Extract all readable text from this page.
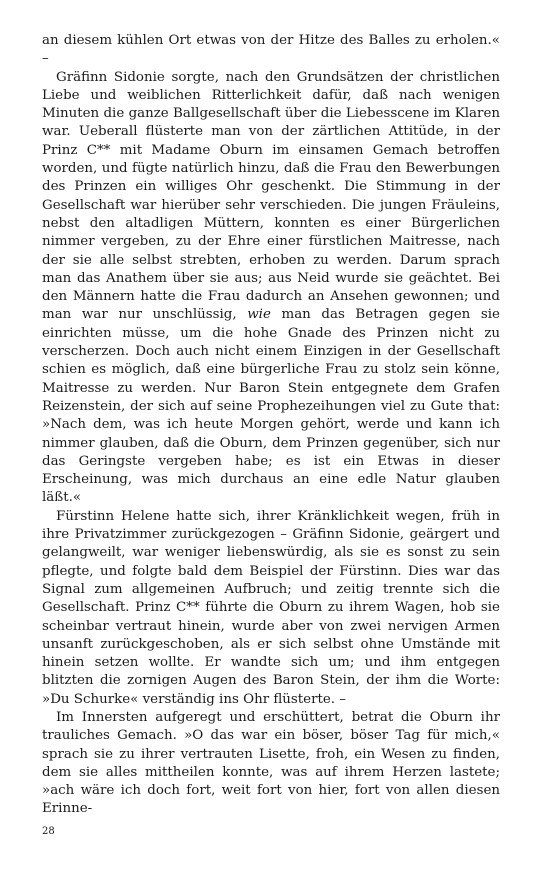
an diesem kühlen Ort etwas von der Hitze des Balles zu erholen.« –

Gräfinn Sidonie sorgte, nach den Grundsätzen der christlichen Liebe und weiblichen Ritterlichkeit dafür, daß nach wenigen Minuten die ganze Ballgesellschaft über die Liebesscene im Klaren war. Ueberall flüsterte man von der zärtlichen Attitüde, in der Prinz C** mit Madame Oburn im einsamen Gemach betroffen worden, und fügte natürlich hinzu, daß die Frau den Bewerbungen des Prinzen ein williges Ohr geschenkt. Die Stimmung in der Gesellschaft war hierüber sehr verschieden. Die jungen Fräuleins, nebst den altadligen Müttern, konnten es einer Bürgerlichen nimmer vergeben, zu der Ehre einer fürstlichen Maitresse, nach der sie alle selbst strebten, erhoben zu werden. Darum sprach man das Anathem über sie aus; aus Neid wurde sie geächtet. Bei den Männern hatte die Frau dadurch an Ansehen gewonnen; und man war nur unschlüssig, wie man das Betragen gegen sie einrichten müsse, um die hohe Gnade des Prinzen nicht zu verscherzen. Doch auch nicht einem Einzigen in der Gesellschaft schien es möglich, daß eine bürgerliche Frau zu stolz sein könne, Maitresse zu werden. Nur Baron Stein entgegnete dem Grafen Reizenstein, der sich auf seine Prophezeihungen viel zu Gute that: »Nach dem, was ich heute Morgen gehört, werde und kann ich nimmer glauben, daß die Oburn, dem Prinzen gegenüber, sich nur das Geringste vergeben habe; es ist ein Etwas in dieser Erscheinung, was mich durchaus an eine edle Natur glauben läßt.«

Fürstinn Helene hatte sich, ihrer Kränklichkeit wegen, früh in ihre Privatzimmer zurückgezogen – Gräfinn Sidonie, geärgert und gelangweilt, war weniger liebenswürdig, als sie es sonst zu sein pflegte, und folgte bald dem Beispiel der Fürstinn. Dies war das Signal zum allgemeinen Aufbruch; und zeitig trennte sich die Gesellschaft. Prinz C** führte die Oburn zu ihrem Wagen, hob sie scheinbar vertraut hinein, wurde aber von zwei nervigen Armen unsanft zurückgeschoben, als er sich selbst ohne Umstände mit hinein setzen wollte. Er wandte sich um; und ihm entgegen blitzten die zornigen Augen des Baron Stein, der ihm die Worte: »Du Schurke« verständig ins Ohr flüsterte. –

Im Innersten aufgeregt und erschüttert, betrat die Oburn ihr trauliches Gemach. »O das war ein böser, böser Tag für mich,« sprach sie zu ihrer vertrauten Lisette, froh, ein Wesen zu finden, dem sie alles mittheilen konnte, was auf ihrem Herzen lastete; »ach wäre ich doch fort, weit fort von hier, fort von allen diesen Erinne-

28
